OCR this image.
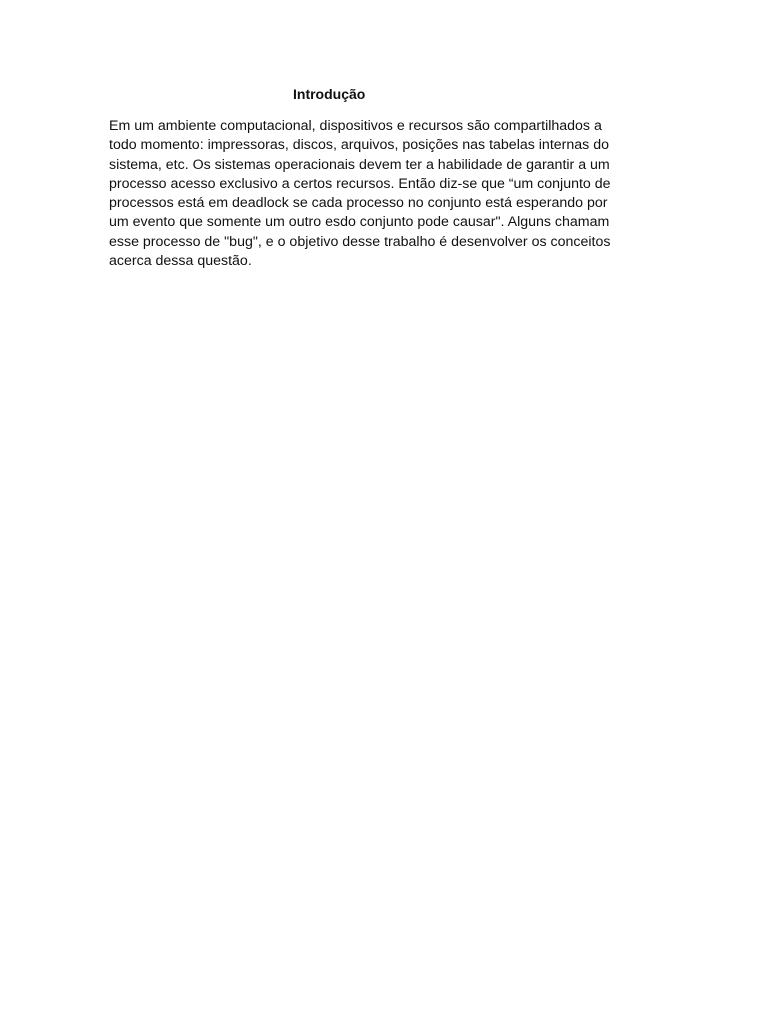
Introdução
Em um ambiente computacional, dispositivos e recursos são compartilhados a
todo momento: impressoras, discos, arquivos, posições nas tabelas internas do
sistema, etc. Os sistemas operacionais devem ter a habilidade de garantir a um
processo acesso exclusivo a certos recursos. Então diz-se que “um conjunto de
processos está em deadlock se cada processo no conjunto está esperando por
um evento que somente um outro esdo conjunto pode causar". Alguns chamam
esse processo de "bug", e o objetivo desse trabalho é desenvolver os conceitos
acerca dessa questão.
